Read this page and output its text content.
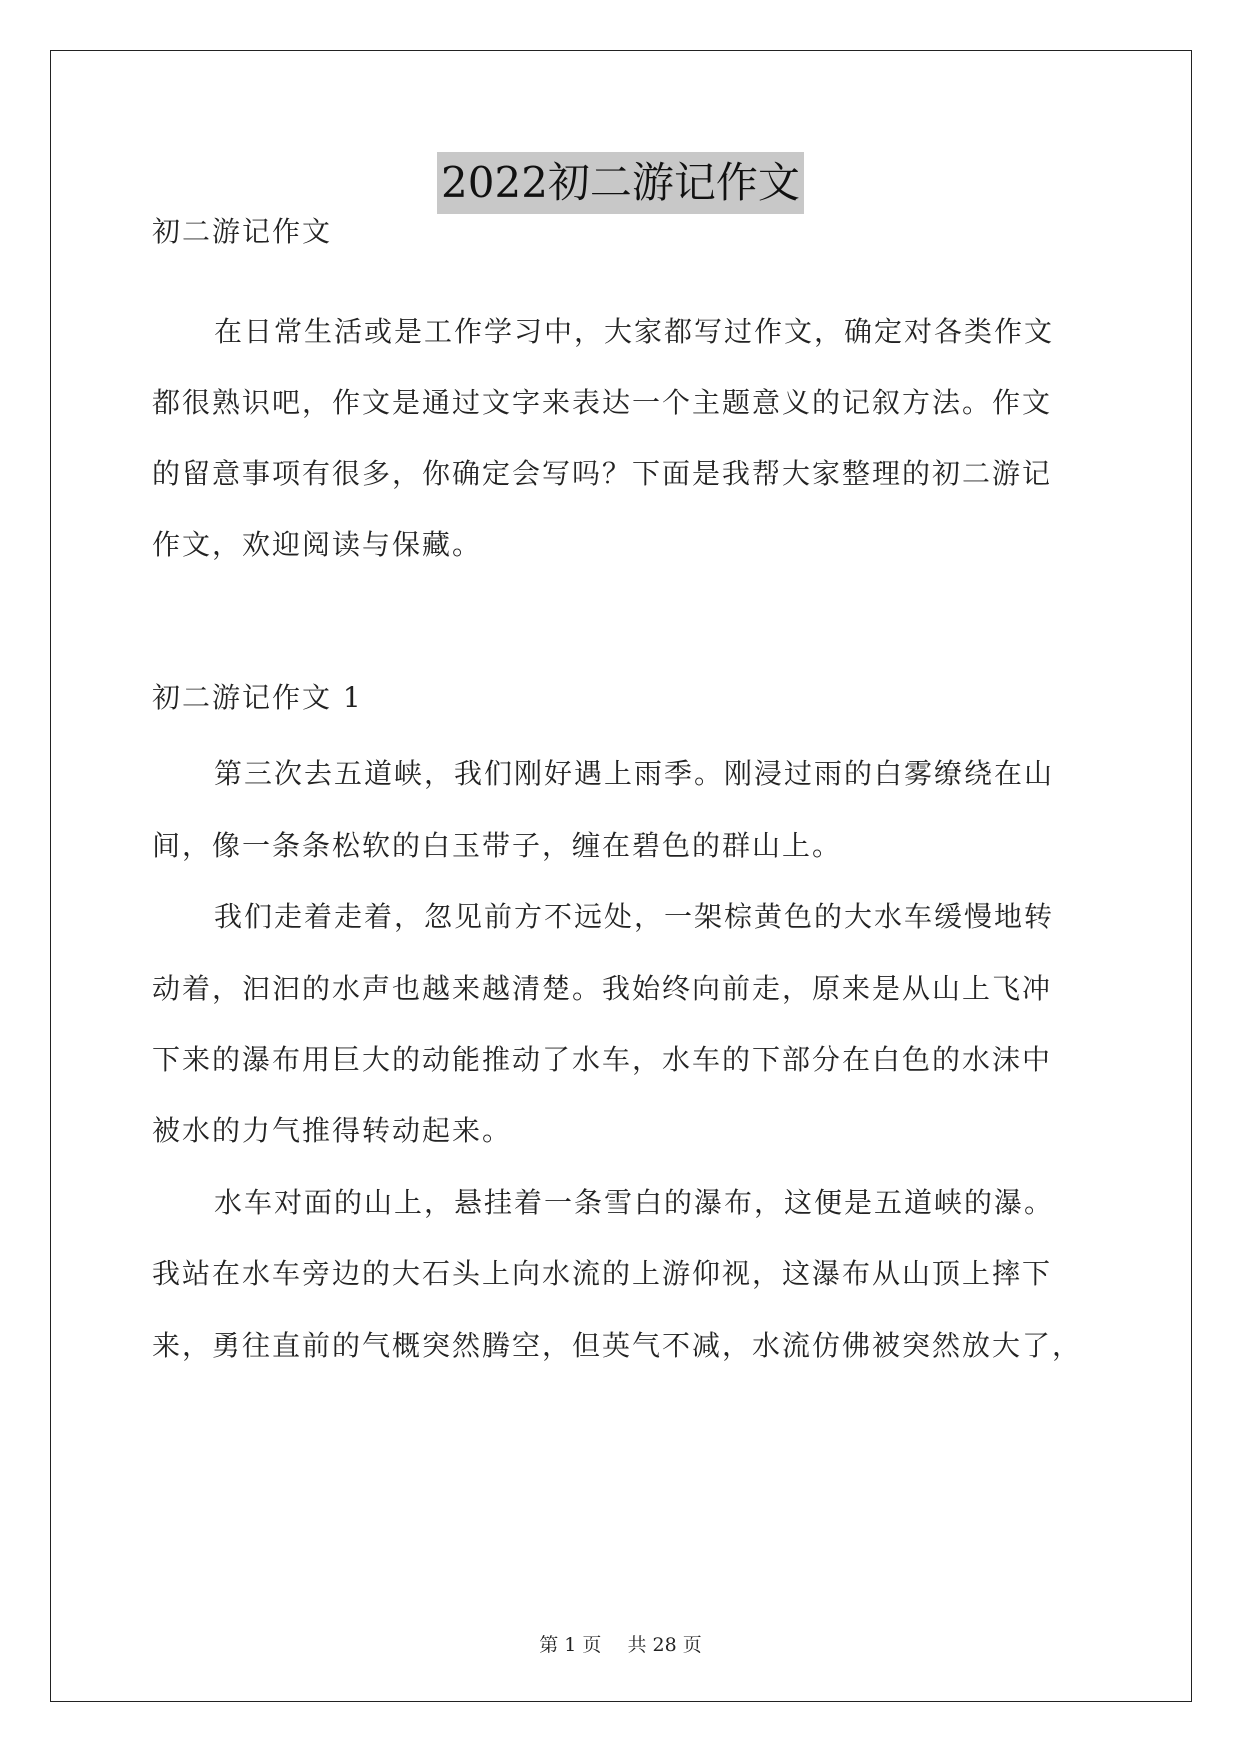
2022初二游记作文
初二游记作文
在日常生活或是工作学习中，大家都写过作文，确定对各类作文
都很熟识吧，作文是通过文字来表达一个主题意义的记叙方法。作文
的留意事项有很多，你确定会写吗？下面是我帮大家整理的初二游记
作文，欢迎阅读与保藏。
初二游记作文 1
第三次去五道峡，我们刚好遇上雨季。刚浸过雨的白雾缭绕在山
间，像一条条松软的白玉带子，缠在碧色的群山上。
我们走着走着，忽见前方不远处，一架棕黄色的大水车缓慢地转
动着，汩汩的水声也越来越清楚。我始终向前走，原来是从山上飞冲
下来的瀑布用巨大的动能推动了水车，水车的下部分在白色的水沫中
被水的力气推得转动起来。
水车对面的山上，悬挂着一条雪白的瀑布，这便是五道峡的瀑。
我站在水车旁边的大石头上向水流的上游仰视，这瀑布从山顶上摔下
来，勇往直前的气概突然腾空，但英气不减，水流仿佛被突然放大了，
第 1 页 共 28 页
